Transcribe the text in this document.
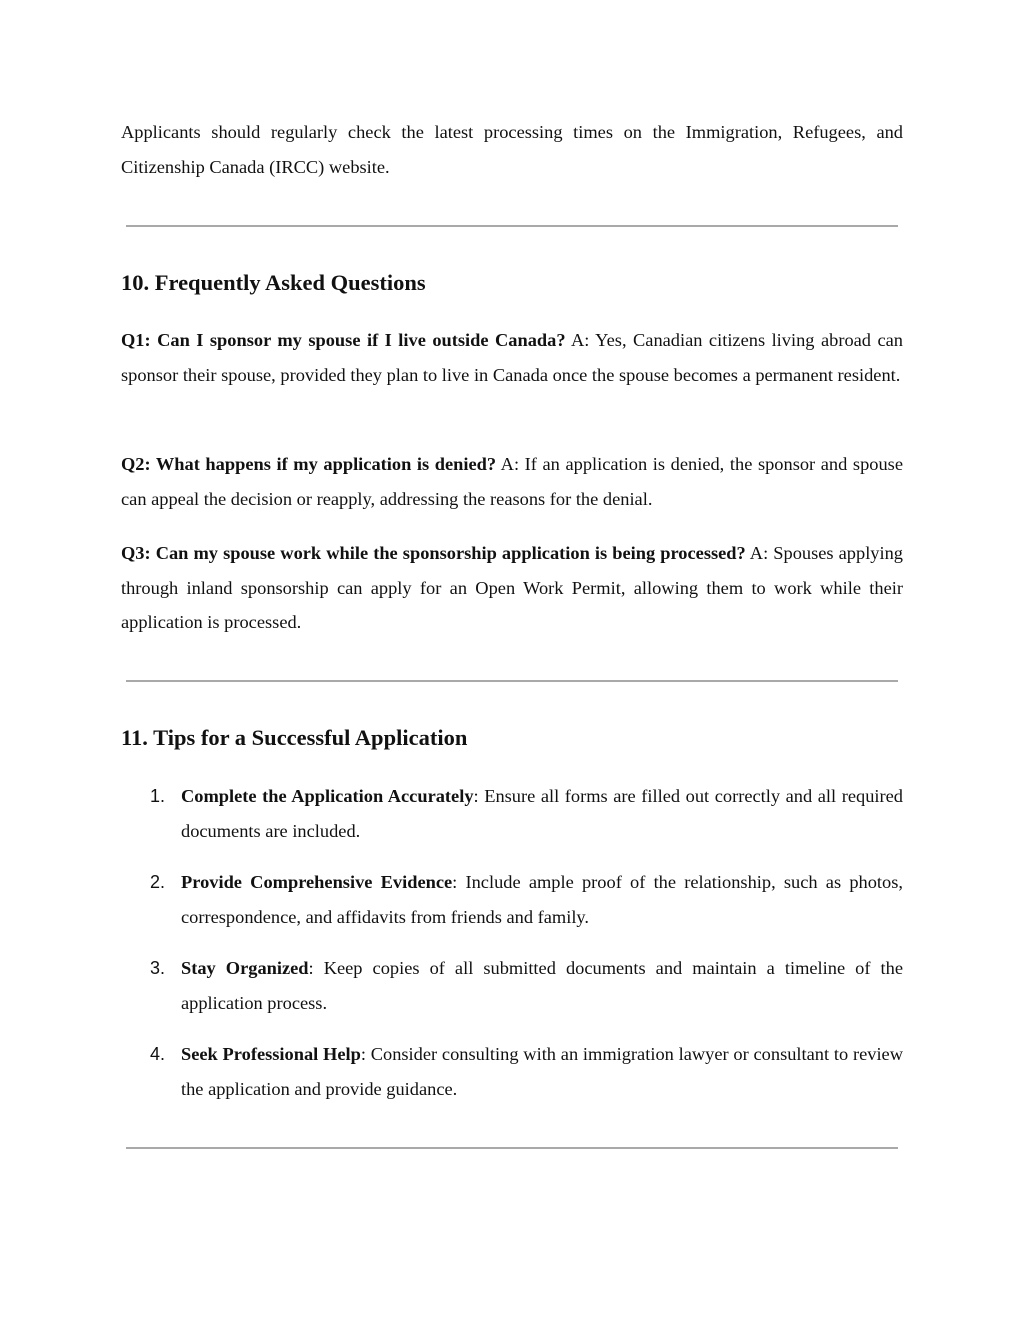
Applicants should regularly check the latest processing times on the Immigration, Refugees, and Citizenship Canada (IRCC) website.

10. Frequently Asked Questions

Q1: Can I sponsor my spouse if I live outside Canada? A: Yes, Canadian citizens living abroad can sponsor their spouse, provided they plan to live in Canada once the spouse becomes a permanent resident.

Q2: What happens if my application is denied? A: If an application is denied, the sponsor and spouse can appeal the decision or reapply, addressing the reasons for the denial.

Q3: Can my spouse work while the sponsorship application is being processed? A: Spouses applying through inland sponsorship can apply for an Open Work Permit, allowing them to work while their application is processed.

11. Tips for a Successful Application
1. Complete the Application Accurately: Ensure all forms are filled out correctly and all required documents are included.

2. Provide Comprehensive Evidence: Include ample proof of the relationship, such as photos, correspondence, and affidavits from friends and family.

3. Stay Organized: Keep copies of all submitted documents and maintain a timeline of the application process.

4. Seek Professional Help: Consider consulting with an immigration lawyer or consultant to review the application and provide guidance.
